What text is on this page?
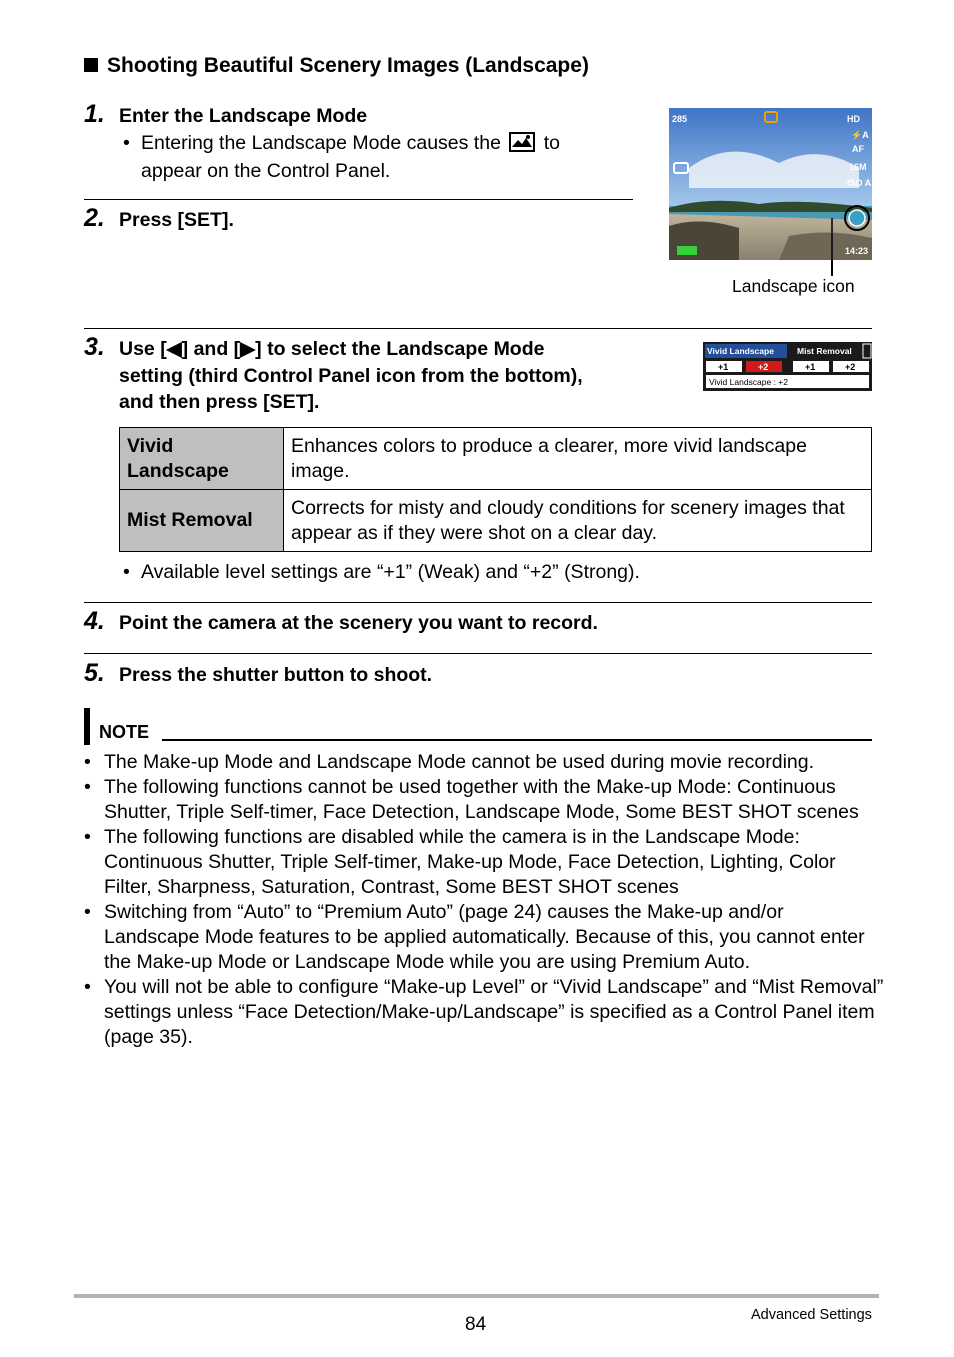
Shooting Beautiful Scenery Images (Landscape)
1. Enter the Landscape Mode
• Entering the Landscape Mode causes the to
appear on the Control Panel.
2. Press [SET].
285	HD
⚡A
AF
16M
ISO A
14:23
Landscape icon
3. Use [◀] and [▶] to select the Landscape Mode
setting (third Control Panel icon from the bottom),
and then press [SET].
Vivid Landscape	Mist Removal
+1	+2	+1	+2
Vivid Landscape : +2
Vivid Landscape	Enhances colors to produce a clearer, more vivid landscape image.
Mist Removal	Corrects for misty and cloudy conditions for scenery images that appear as if they were shot on a clear day.
• Available level settings are “+1” (Weak) and “+2” (Strong).
4. Point the camera at the scenery you want to record.
5. Press the shutter button to shoot.
NOTE
• The Make-up Mode and Landscape Mode cannot be used during movie recording.
• The following functions cannot be used together with the Make-up Mode: Continuous Shutter, Triple Self-timer, Face Detection, Landscape Mode, Some BEST SHOT scenes
• The following functions are disabled while the camera is in the Landscape Mode: Continuous Shutter, Triple Self-timer, Make-up Mode, Face Detection, Lighting, Color Filter, Sharpness, Saturation, Contrast, Some BEST SHOT scenes
• Switching from “Auto” to “Premium Auto” (page 24) causes the Make-up and/or Landscape Mode features to be applied automatically. Because of this, you cannot enter the Make-up Mode or Landscape Mode while you are using Premium Auto.
• You will not be able to configure “Make-up Level” or “Vivid Landscape” and “Mist Removal” settings unless “Face Detection/Make-up/Landscape” is specified as a Control Panel item (page 35).
84	Advanced Settings
